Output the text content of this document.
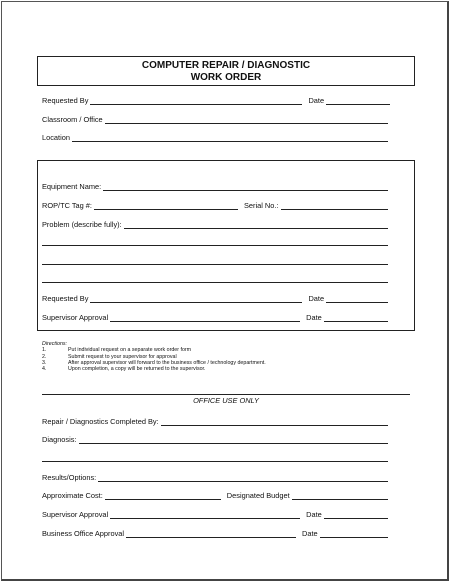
COMPUTER REPAIR / DIAGNOSTIC
WORK ORDER
Requested By	Date
Classroom / Office
Location
Equipment Name:
ROP/TC Tag #:	Serial No.:
Problem (describe fully):
Requested By	Date
Supervisor Approval	Date
Directions:
1.	Put individual request on a separate work order form
2.	Submit request to your supervisor for approval
3.	After approval supervisor will forward to the business office / technology department.
4.	Upon completion, a copy will be returned to the supervisor.
OFFICE USE ONLY
Repair / Diagnostics Completed By:
Diagnosis:
Results/Options:
Approximate Cost:	Designated Budget
Supervisor Approval	Date
Business Office Approval	Date
